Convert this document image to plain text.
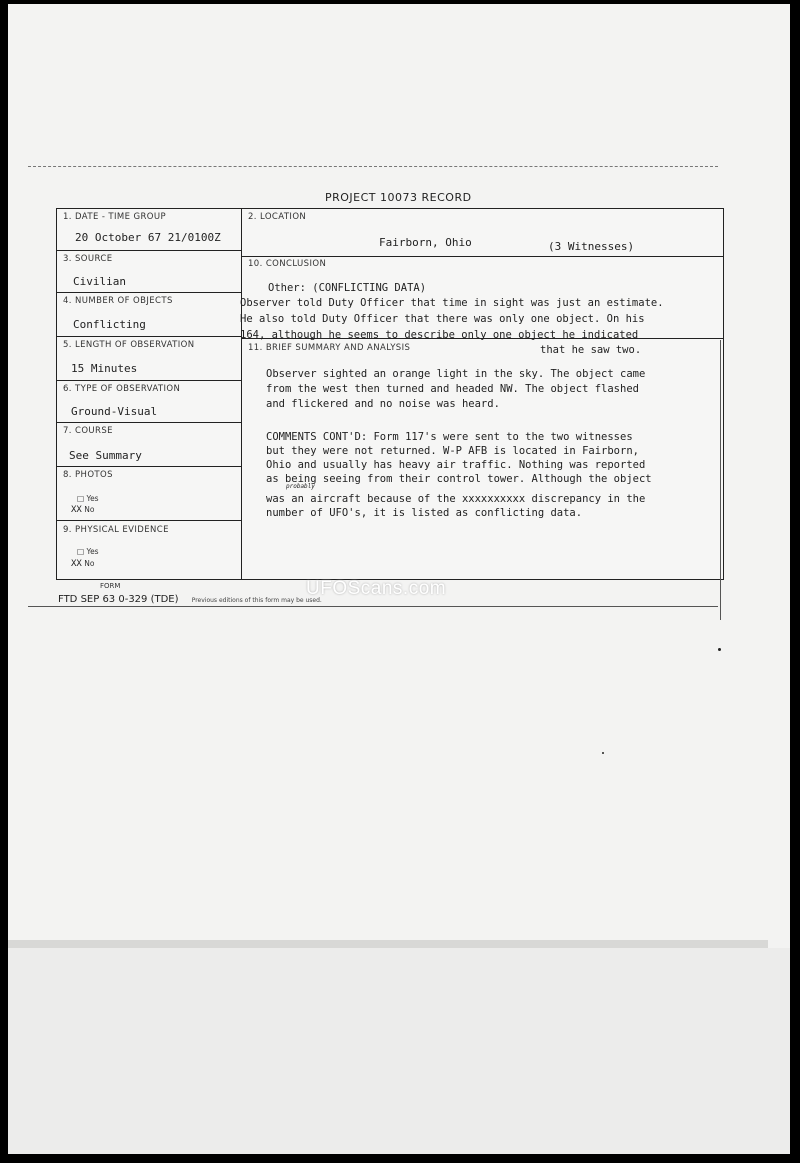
PROJECT 10073 RECORD
1. DATE - TIME GROUP
20 October 67 21/0100Z
2. LOCATION
Fairborn, Ohio	(3 Witnesses)
3. SOURCE
Civilian
4. NUMBER OF OBJECTS
Conflicting
5. LENGTH OF OBSERVATION
15 Minutes
6. TYPE OF OBSERVATION
Ground-Visual
7. COURSE
See Summary
8. PHOTOS
□ Yes
XX No
9. PHYSICAL EVIDENCE
□ Yes
XX No
10. CONCLUSION
Other: (CONFLICTING DATA)
Observer told Duty Officer that time in sight was just an estimate.
He also told Duty Officer that there was only one object. On his
164, although he seems to describe only one object he indicated
11. BRIEF SUMMARY AND ANALYSIS	that he saw two.
Observer sighted an orange light in the sky. The object came
from the west then turned and headed NW. The object flashed
and flickered and no noise was heard.
COMMENTS CONT'D: Form 117's were sent to the two witnesses
but they were not returned. W-P AFB is located in Fairborn,
Ohio and usually has heavy air traffic. Nothing was reported
as being seeing from their control tower. Although the object
probably
was an aircraft because of the xxxxxxxxxx discrepancy in the
number of UFO's, it is listed as conflicting data.
FORM
FTD SEP 63 0-329 (TDE) Previous editions of this form may be used.
UFOScans.com
